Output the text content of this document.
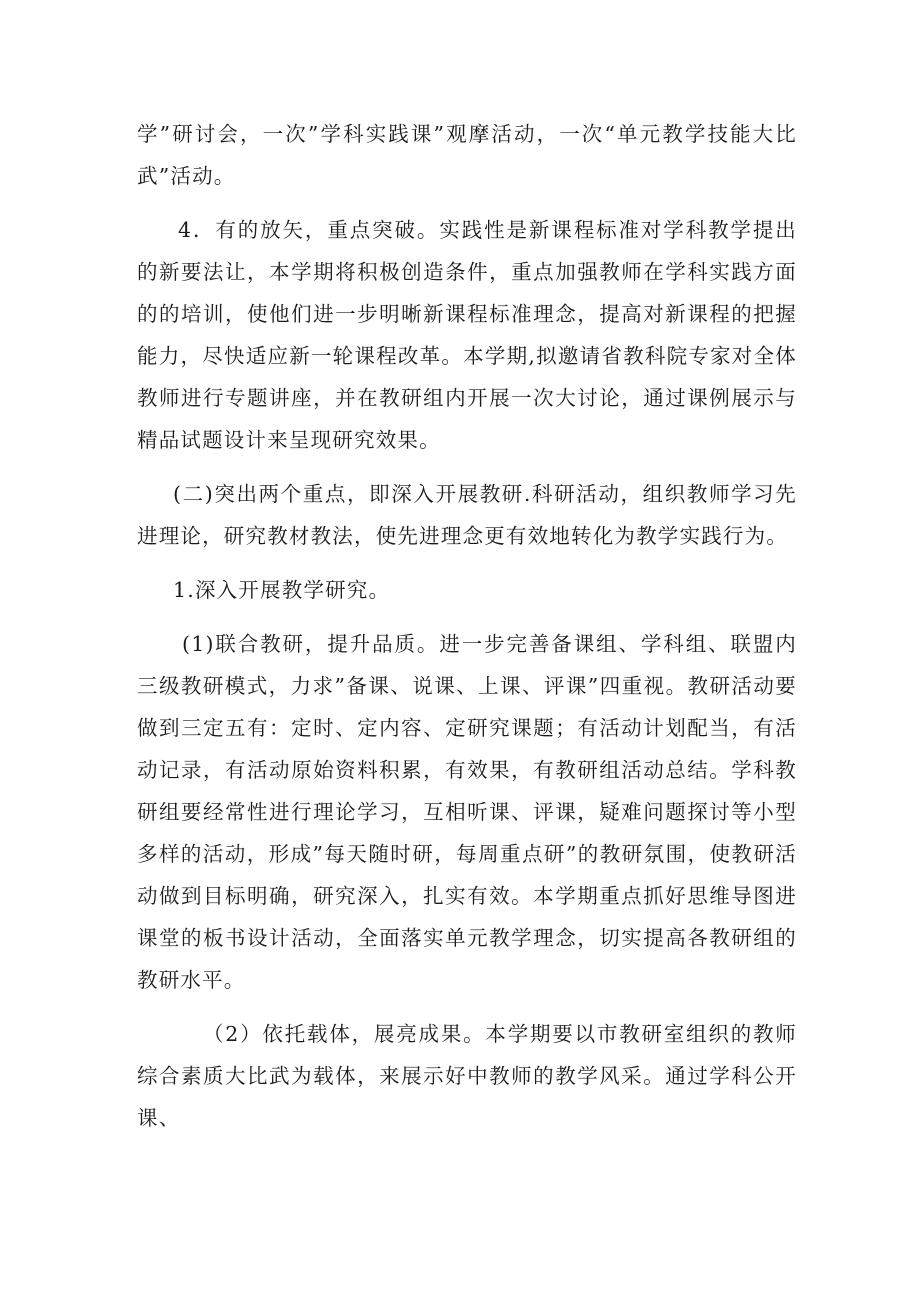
学”研讨会，一次”学科实践课”观摩活动，一次“单元教学技能大比武”活动。

4．有的放矢，重点突破。实践性是新课程标准对学科教学提出的新要法让，本学期将积极创造条件，重点加强教师在学科实践方面的的培训，使他们进一步明晰新课程标准理念，提高对新课程的把握能力，尽快适应新一轮课程改革。本学期,拟邀请省教科院专家对全体教师进行专题讲座，并在教研组内开展一次大讨论，通过课例展示与精品试题设计来呈现研究效果。

(二)突出两个重点，即深入开展教研.科研活动，组织教师学习先进理论，研究教材教法，使先进理念更有效地转化为教学实践行为。

1.深入开展教学研究。

(1)联合教研，提升品质。进一步完善备课组、学科组、联盟内三级教研模式，力求”备课、说课、上课、评课”四重视。教研活动要做到三定五有：定时、定内容、定研究课题；有活动计划配当，有活动记录，有活动原始资料积累，有效果，有教研组活动总结。学科教研组要经常性进行理论学习，互相听课、评课，疑难问题探讨等小型多样的活动，形成”每天随时研，每周重点研”的教研氛围，使教研活动做到目标明确，研究深入，扎实有效。本学期重点抓好思维导图进课堂的板书设计活动，全面落实单元教学理念，切实提高各教研组的教研水平。

（2）依托载体，展亮成果。本学期要以市教研室组织的教师综合素质大比武为载体，来展示好中教师的教学风采。通过学科公开课、
